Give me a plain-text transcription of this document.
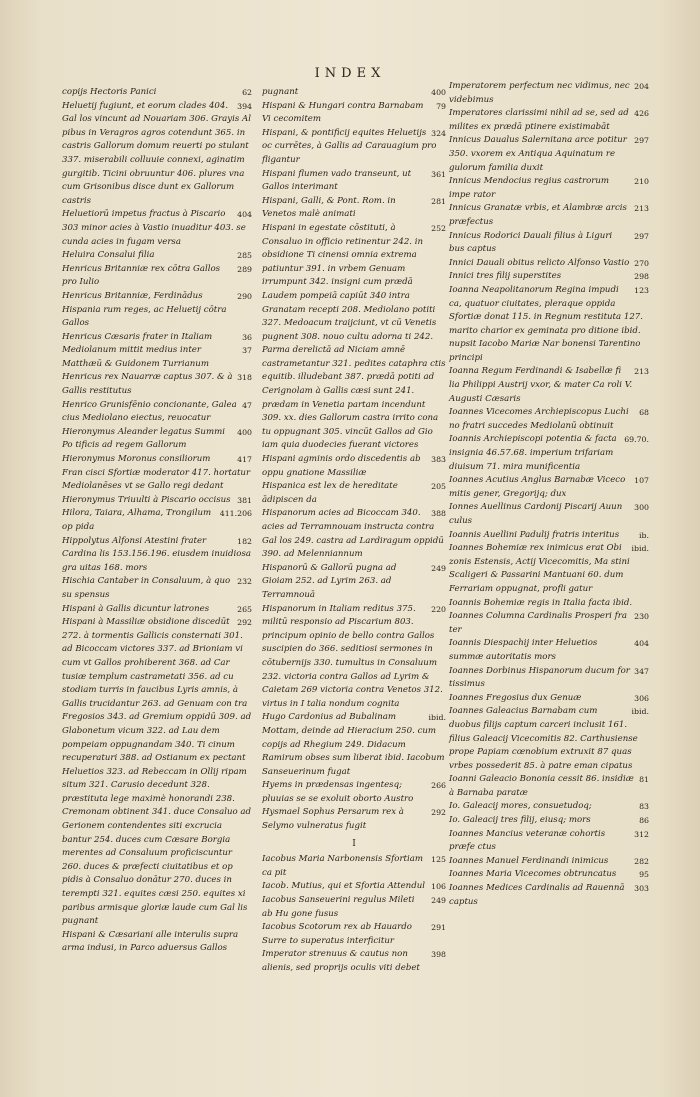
INDEX
62
copijs Hectoris Panici
394
Heluetij fugiunt, et eorum clades 404. Gal los vincunt ad Nouariam 306. Grayis Al pibus in Veragros agros cotendunt 365. in castris Gallorum domum reuerti po stulant 337. miserabili colluuie connexi, aginatim gurgitib. Ticini obruuntur 406. plures vna cum Grisonibus disce dunt ex Gallorum castris
404
Heluetiorū impetus fractus à Piscario 303 minor acies à Vastio inuaditur 403. se cunda acies in fugam versa
285
Heluira Consalui filia
289
Henricus Britanniæ rex cōtra Gallos pro Iulio
290
Henricus Britanniæ, Ferdinādus Hispania rum reges, ac Heluetij cōtra Gallos
36
Henricus Cæsaris frater in Italiam
37
Mediolanum mittit medius inter Matthæū & Guidonem Turrianum
318
Henricus rex Nauarræ captus 307. & à Gallis restitutus
47
Henrico Grunisfēnio concionante, Galea cius Mediolano eiectus, reuocatur
400
Hieronymus Aleander legatus Summi Po tificis ad regem Gallorum
417
Hieronymus Moronus consiliorum Fran cisci Sfortiæ moderator 417. hortatur Mediolanēses vt se Gallo regi dedant
381
Hieronymus Triuulti à Piscario occisus
411.206
Hilora, Taiara, Alhama, Trongilum op pida
182
Hippolytus Alfonsi Atestini frater Cardina lis 153.156.196. eiusdem inuidiosa gra uitas 168. mors
232
Hischia Cantaber in Consaluum, à quo su spensus
265
Hispani à Gallis dicuntur latrones
292
Hispani à Massiliæ obsidione discedūt 272. à tormentis Gallicis consternati 301. ad Bicoccam victores 337. ad Brioniam vi cum vt Gallos prohiberent 368. ad Car tusiæ templum castrametati 356. ad cu stodiam turris in faucibus Lyris amnis, à Gallis trucidantur 263. ad Genuam con tra Fregosios 343. ad Gremium oppidū 309. ad Glabonetum vicum 322. ad Lau dem pompeiam oppugnandam 340. Ti cinum recuperaturi 388. ad Ostianum ex pectant Heluetios 323. ad Rebeccam in Ollij ripam situm 321. Carusio decedunt 328. præstituta lege maximè honorandi 238. Cremonam obtinent 341. duce Consaluo ad Gerionem contendentes siti excrucia bantur 254. duces cum Cæsare Borgia merentes ad Consaluum proficiscuntur 260. duces & præfecti ciuitatibus et op pidis à Consaluo donātur 270. duces in terempti 321. equites cæsi 250. equites xi paribus armisque gloriæ laude cum Gal lis pugnant
Hispani & Cæsariani alle interulis supra arma indusi, in Parco aduersus Gallos
400
pugnant
79
Hispani & Hungari contra Barnabam Vi cecomitem
324
Hispani, & pontificij equites Heluetijs oc currētes, à Gallis ad Carauagium pro fligantur
361
Hispani flumen vado transeunt, ut Gallos interimant
281
Hispani, Galli, & Pont. Rom. in Venetos malè animati
252
Hispani in egestate cōstituti, à Consaluo in officio retinentur 242. in obsidione Ti cinensi omnia extrema patiuntur 391. in vrbem Genuam irrumpunt 342. insigni cum prædā Laudem pompeiā capiūt 340 intra Granatam recepti 208. Mediolano potiti 327. Medoacum traijciunt, vt cū Venetis pugnent 308. nouo cultu adorna ti 242. Parma derelictā ad Niciam amnē castrametantur 321. pedites cataphra ctis equitib. illudebant 387. prædā potiti ad Cerignolam à Gallis cæsi sunt 241. prædam in Venetia partam incendunt 309. xx. dies Gallorum castra irrito cona tu oppugnant 305. vincūt Gallos ad Gio iam quia duodecies fuerant victores
383
Hispani agminis ordo discedentis ab oppu gnatione Massiliæ
205
Hispanica est lex de hereditate ādipiscen da
388
Hispanorum acies ad Bicoccam 340. acies ad Terramnouam instructa contra Gal los 249. castra ad Lardiragum oppidū 390. ad Melenniannum
249
Hispanorū & Gallorū pugna ad Gioiam 252. ad Lyrim 263. ad Terramnouā
220
Hispanorum in Italiam reditus 375. militū responsio ad Piscarium 803. principum opinio de bello contra Gallos suscipien do 366. seditiosi sermones in cōtubernijs 330. tumultus in Consaluum 232. victoria contra Gallos ad Lyrim & Caietam 269 victoria contra Venetos 312. virtus in I talia nondum cognita
ibid.
Hugo Cardonius ad Bubalinam Mottam, deinde ad Hieracium 250. cum copijs ad Rhegium 249. Didacum Ramirum obses sum liberat ibid. Iacobum Sanseuerinum fugat
266
Hyems in prædensas ingentesq; pluuias se se exoluit oborto Austro
292
Hysmael Sophus Persarum rex à Selymo vulneratus fugit
I
125
Iacobus Maria Narbonensis Sfortiam ca pit
106
Iacob. Mutius, qui et Sfortia Attendul
249
Iacobus Sanseuerini regulus Mileti ab Hu gone fusus
291
Iacobus Scotorum rex ab Hauardo Surre to superatus interficitur
398
Imperator strenuus & cautus non alienis, sed proprijs oculis viti debet
204
Imperatorem perfectum nec vidimus, nec videbimus
426
Imperatores clarissimi nihil ad se, sed ad milites ex prædā ptinere existimabāt
297
Innicus Daualus Salernitana arce potitur 350. vxorem ex Antiqua Aquinatum re gulorum familia duxit
210
Innicus Mendocius regius castrorum impe rator
213
Innicus Granatæ vrbis, et Alambræ arcis præfectus
297
Innicus Rodorici Dauali filius à Liguri bus captus
270
Innici Dauali obitus relicto Alfonso Vastio
298
Innici tres filij superstites
123
Ioanna Neapolitanorum Regina impudi ca, quatuor ciuitates, pleraque oppida Sfortiæ donat 115. in Regnum restituta 127. marito charior ex geminata pro ditione ibid. nupsit Iacobo Mariæ Nar bonensi Tarentino principi
213
Ioanna Regum Ferdinandi & Isabellæ fi lia Philippi Austrij vxor, & mater Ca roli V. Augusti Cæsaris
68
Ioannes Vicecomes Archiepiscopus Luchi no fratri succedes Mediolanū obtinuit
69.70.
Ioannis Archiepiscopi potentia & facta insignia 46.57.68. imperium trifariam diuisum 71. mira munificentia
107
Ioannes Acutius Anglus Barnabæ Viceco mitis gener, Gregorijq; dux
300
Ionnes Auellinus Cardonij Piscarij Auun culus
ib.
Ioannis Auellini Padulij fratris interitus
ibid.
Ioannes Bohemiæ rex inimicus erat Obi zonis Estensis, Actij Vicecomitis, Ma stini Scaligeri & Passarini Mantuani 60. dum Ferrariam oppugnat, profli gatur
Ioannis Bohemiæ regis in Italia facta ibid.
230
Ioannes Columna Cardinalis Prosperi fra ter
404
Ioannis Diespachij inter Heluetios summæ autoritatis mors
347
Ioannes Dorbinus Hispanorum ducum for tissimus
306
Ioannes Fregosius dux Genuæ
ibid.
Ioannes Galeacius Barnabam cum duobus filijs captum carceri inclusit 161. filius Galeacij Vicecomitis 82. Carthusiense prope Papiam cœnobium extruxit 87 quas vrbes possederit 85. à patre eman cipatus
81
Ioanni Galeacio Bononia cessit 86. insidiæ à Barnaba paratæ
83
Io. Galeacij mores, consuetudoq;
86
Io. Galeacij tres filij, eiusq; mors
312
Ioannes Mancius veteranæ cohortis præfe ctus
282
Ioannes Manuel Ferdinandi inimicus
95
Ioannes Maria Vicecomes obtruncatus
303
Ioannes Medices Cardinalis ad Rauennā captus
